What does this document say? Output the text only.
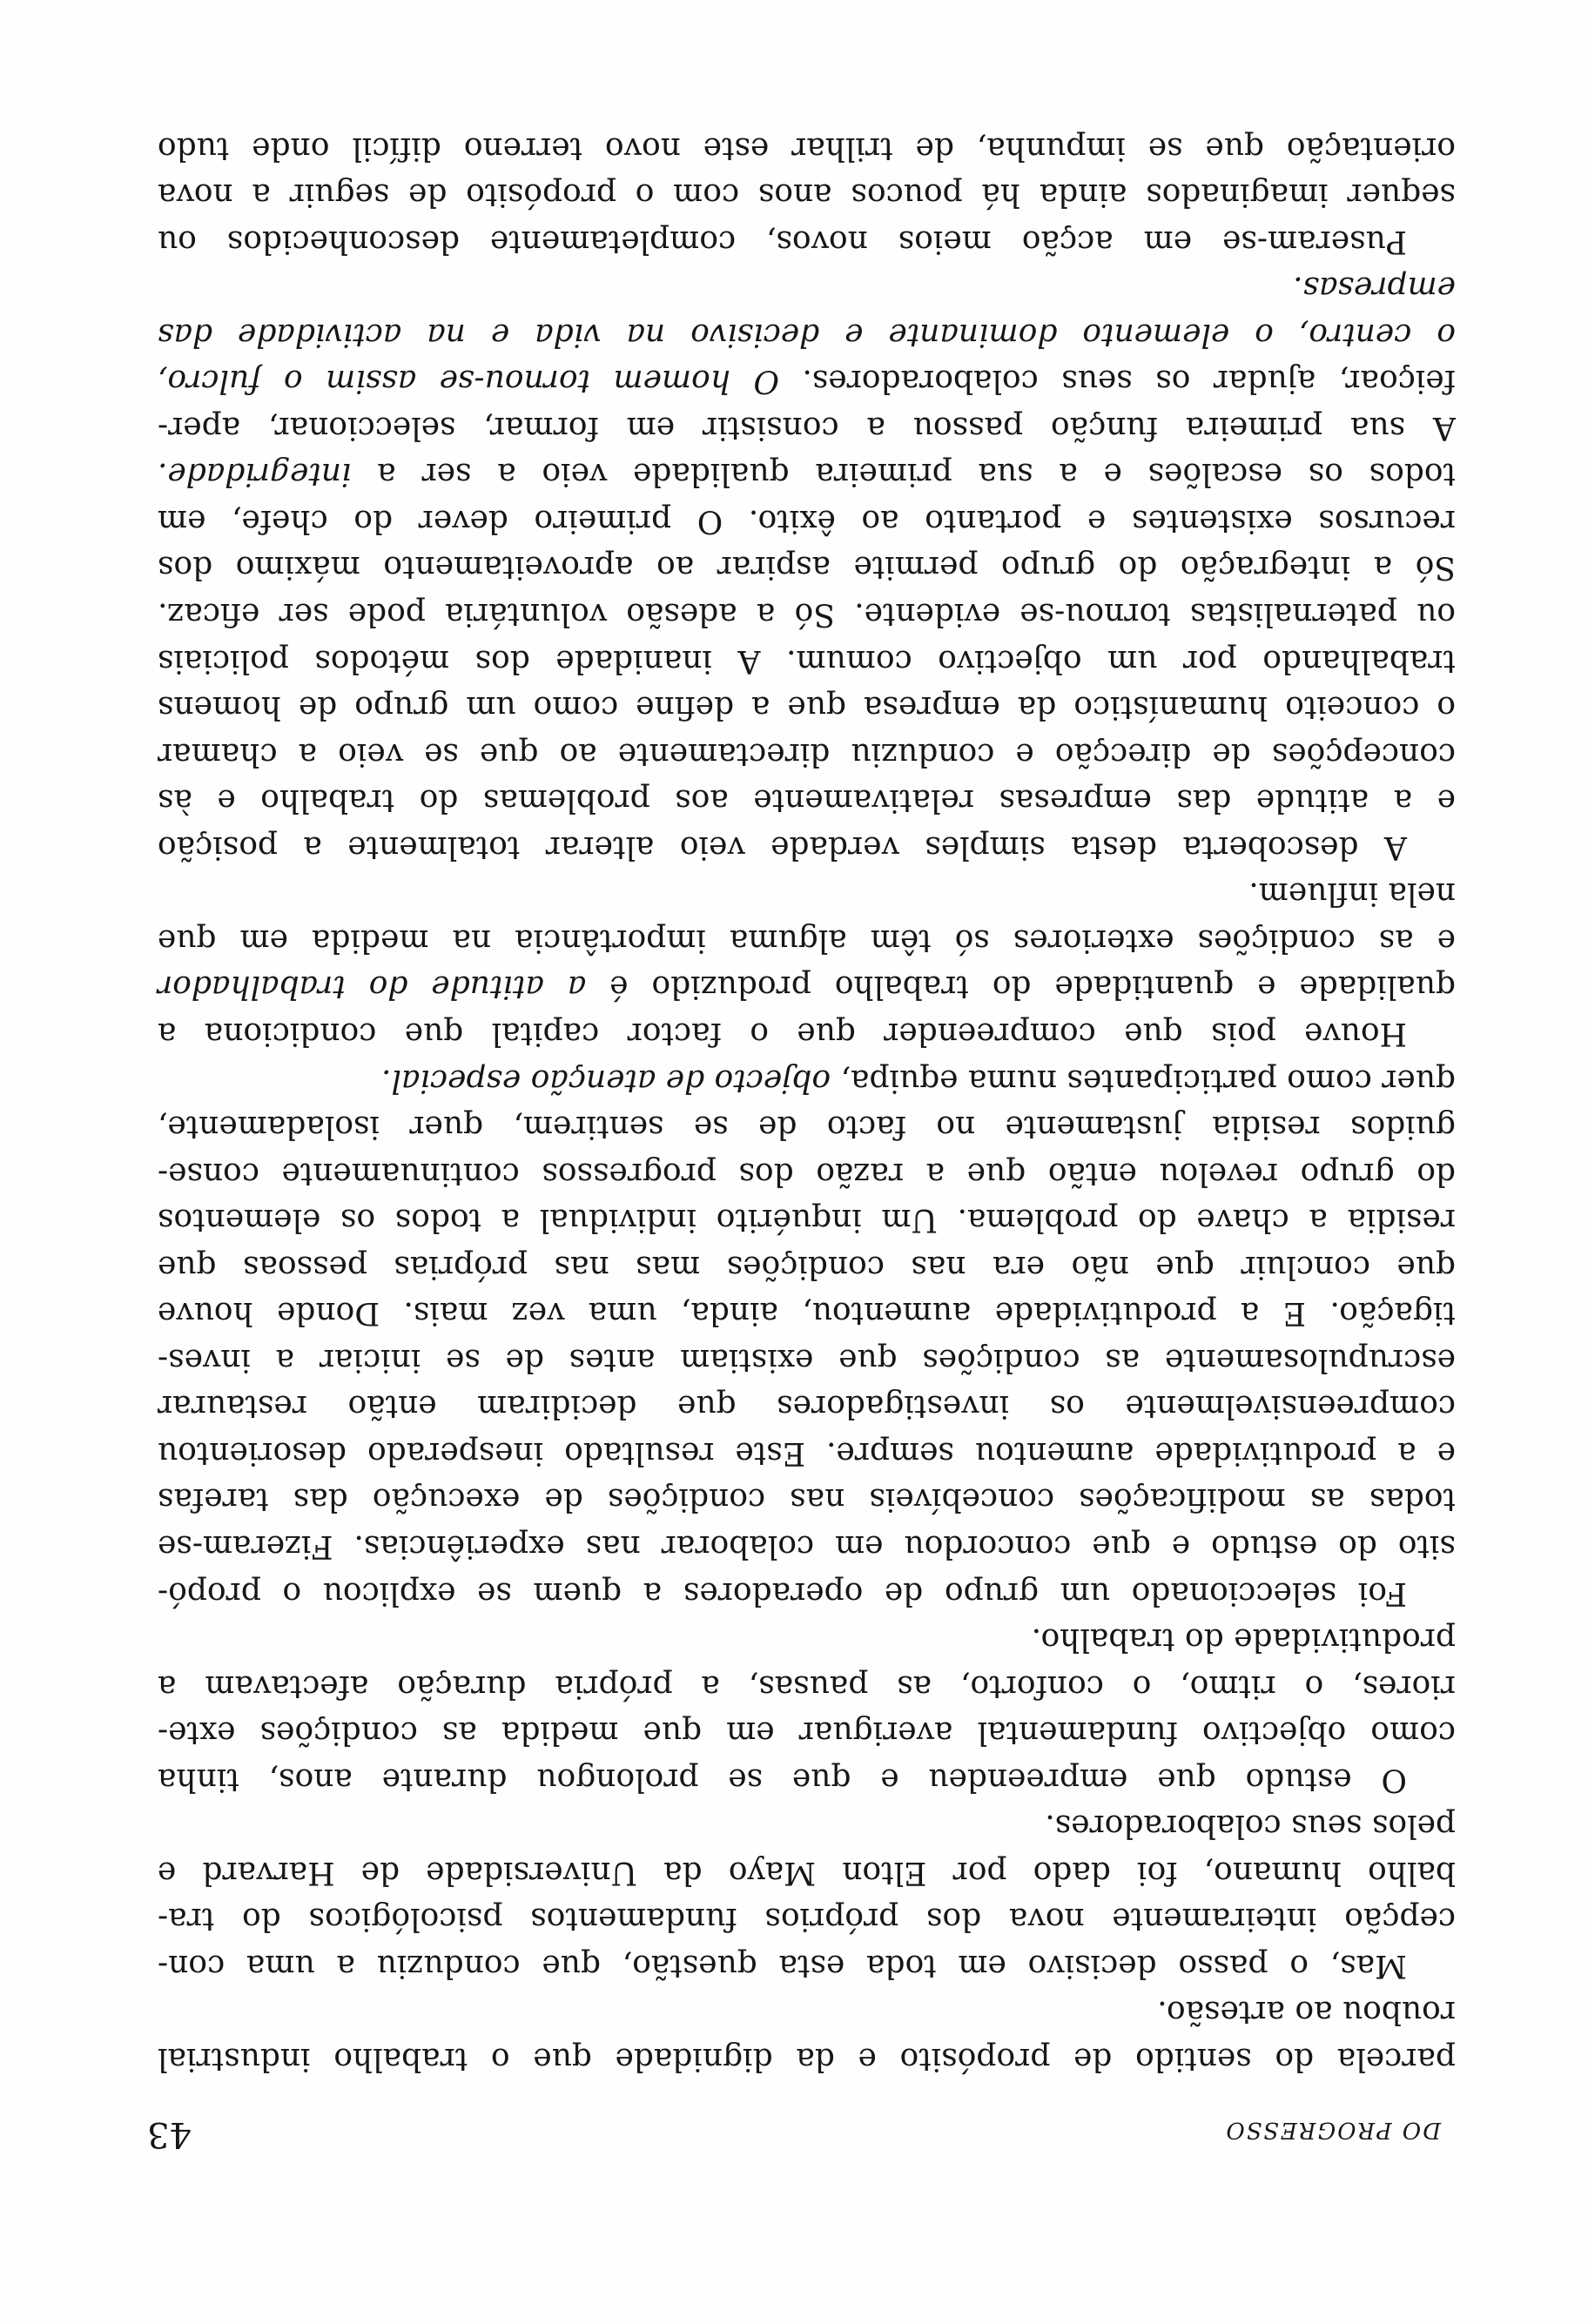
DO PROGRESSO
43
parcela do sentido de propósito e da dignidade que o trabalho industrial
roubou ao artesão.
Mas, o passo decisivo em toda esta questão, que conduziu a uma con-
cepção inteiramente nova dos próprios fundamentos psicológicos do tra-
balho humano, foi dado por Elton Mayo da Universidade de Harvard e
pelos seus colaboradores.
O estudo que empreendeu e que se prolongou durante anos, tinha
como objectivo fundamental averiguar em que medida as condições exte-
riores, o ritmo, o conforto, as pausas, a própria duração afectavam a
produtividade do trabalho.
Foi seleccionado um grupo de operadores a quem se explicou o propó-
sito do estudo e que concordou em colaborar nas experiências. Fizeram-se
todas as modificações concebíveis nas condições de execução das tarefas
e a produtividade aumentou sempre. Este resultado inesperado desorientou
compreensivelmente os investigadores que decidiram então restaurar
escrupulosamente as condições que existiam antes de se iniciar a inves-
tigação. E a produtividade aumentou, ainda, uma vez mais. Donde houve
que concluir que não era nas condições mas nas próprias pessoas que
residia a chave do problema. Um inquérito individual a todos os elementos
do grupo revelou então que a razão dos progressos continuamente conse-
guidos residia justamente no facto de se sentirem, quer isoladamente,
quer como participantes numa equipa, objecto de atenção especial.
Houve pois que compreender que o factor capital que condiciona a
qualidade e quantidade do trabalho produzido é a atitude do trabalhador
e as condições exteriores só têm alguma importância na medida em que
nela influem.
A descoberta desta simples verdade veio alterar totalmente a posição
e a atitude das empresas relativamente aos problemas do trabalho e às
concepções de direcção e conduziu directamente ao que se veio a chamar
o conceito humanístico da empresa que a define como um grupo de homens
trabalhando por um objectivo comum. A inanidade dos métodos policiais
ou paternalistas tornou-se evidente. Só a adesão voluntária pode ser eficaz.
Só a integração do grupo permite aspirar ao aproveitamento máximo dos
recursos existentes e portanto ao êxito. O primeiro dever do chefe, em
todos os escalões e a sua primeira qualidade veio a ser a integridade.
A sua primeira função passou a consistir em formar, seleccionar, aper-
feiçoar, ajudar os seus colaboradores. O homem tornou-se assim o fulcro,
o centro, o elemento dominante e decisivo na vida e na actividade das
empresas.
Puseram-se em acção meios novos, completamente desconhecidos ou
sequer imaginados ainda há poucos anos com o propósito de seguir a nova
orientação que se impunha, de trilhar este novo terreno difícil onde tudo
